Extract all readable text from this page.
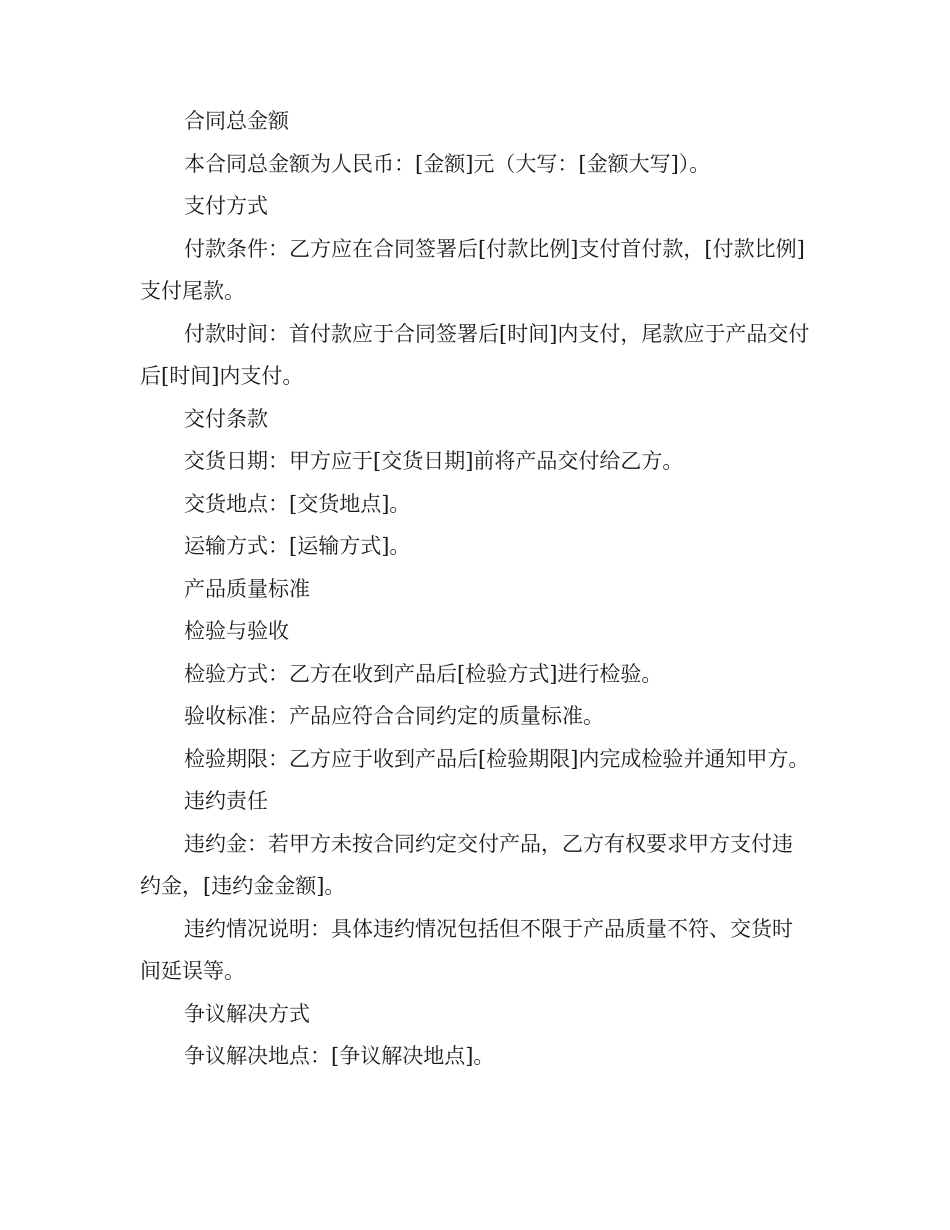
合同总金额

本合同总金额为人民币：[金额]元（大写：[金额大写]）。

支付方式

付款条件：乙方应在合同签署后[付款比例]支付首付款，[付款比例]支付尾款。

付款时间：首付款应于合同签署后[时间]内支付，尾款应于产品交付后[时间]内支付。

交付条款

交货日期：甲方应于[交货日期]前将产品交付给乙方。

交货地点：[交货地点]。

运输方式：[运输方式]。

产品质量标准

检验与验收

检验方式：乙方在收到产品后[检验方式]进行检验。

验收标准：产品应符合合同约定的质量标准。

检验期限：乙方应于收到产品后[检验期限]内完成检验并通知甲方。

违约责任

违约金：若甲方未按合同约定交付产品，乙方有权要求甲方支付违约金，[违约金金额]。

违约情况说明：具体违约情况包括但不限于产品质量不符、交货时间延误等。

争议解决方式

争议解决地点：[争议解决地点]。
